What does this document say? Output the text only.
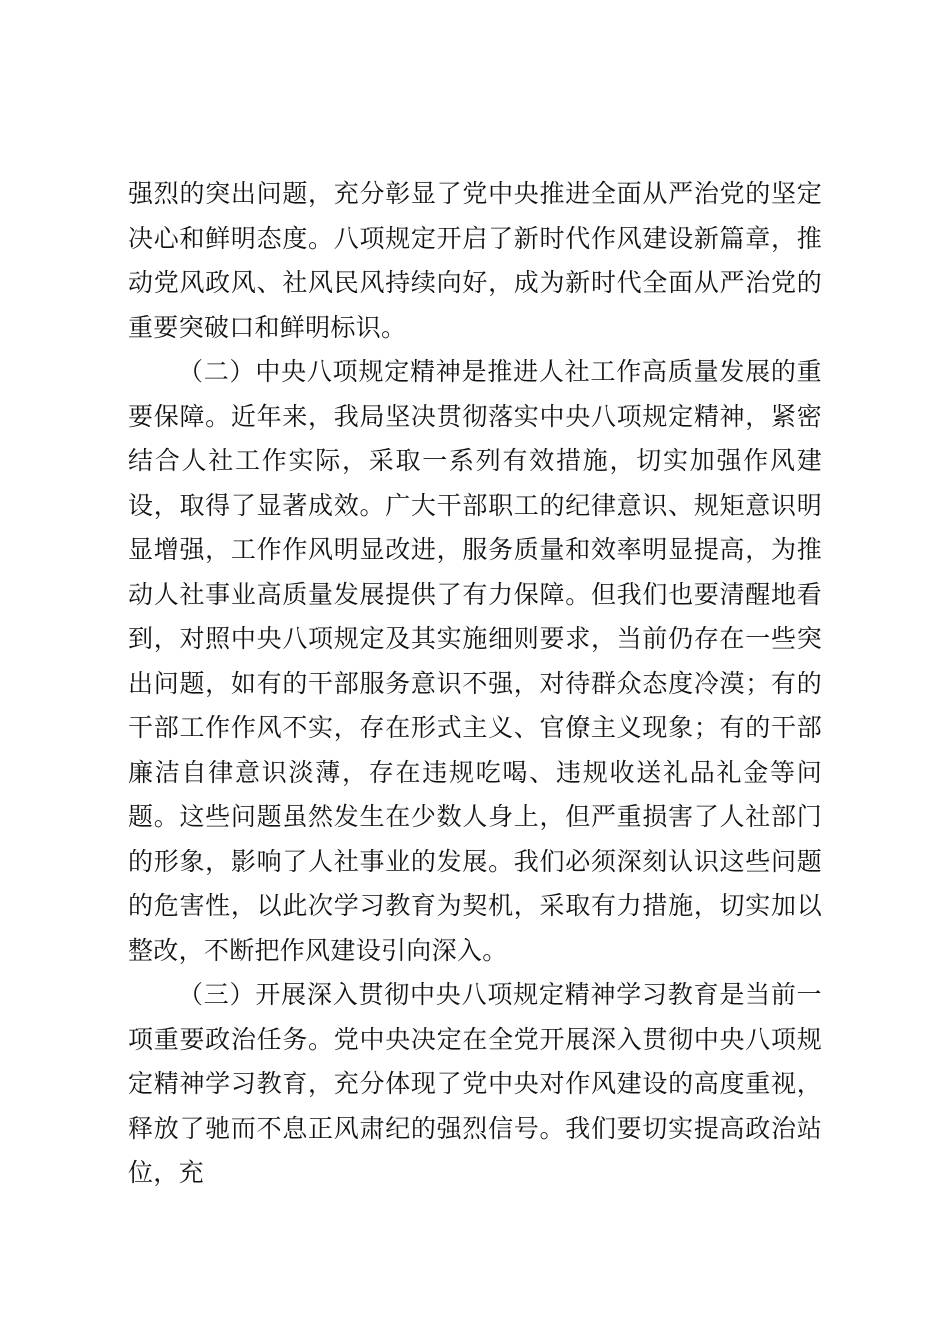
强烈的突出问题，充分彰显了党中央推进全面从严治党的坚定决心和鲜明态度。八项规定开启了新时代作风建设新篇章，推动党风政风、社风民风持续向好，成为新时代全面从严治党的重要突破口和鲜明标识。

（二）中央八项规定精神是推进人社工作高质量发展的重要保障。近年来，我局坚决贯彻落实中央八项规定精神，紧密结合人社工作实际，采取一系列有效措施，切实加强作风建设，取得了显著成效。广大干部职工的纪律意识、规矩意识明显增强，工作作风明显改进，服务质量和效率明显提高，为推动人社事业高质量发展提供了有力保障。但我们也要清醒地看到，对照中央八项规定及其实施细则要求，当前仍存在一些突出问题，如有的干部服务意识不强，对待群众态度冷漠；有的干部工作作风不实，存在形式主义、官僚主义现象；有的干部廉洁自律意识淡薄，存在违规吃喝、违规收送礼品礼金等问题。这些问题虽然发生在少数人身上，但严重损害了人社部门的形象，影响了人社事业的发展。我们必须深刻认识这些问题的危害性，以此次学习教育为契机，采取有力措施，切实加以整改，不断把作风建设引向深入。

（三）开展深入贯彻中央八项规定精神学习教育是当前一项重要政治任务。党中央决定在全党开展深入贯彻中央八项规定精神学习教育，充分体现了党中央对作风建设的高度重视，释放了驰而不息正风肃纪的强烈信号。我们要切实提高政治站位，充
